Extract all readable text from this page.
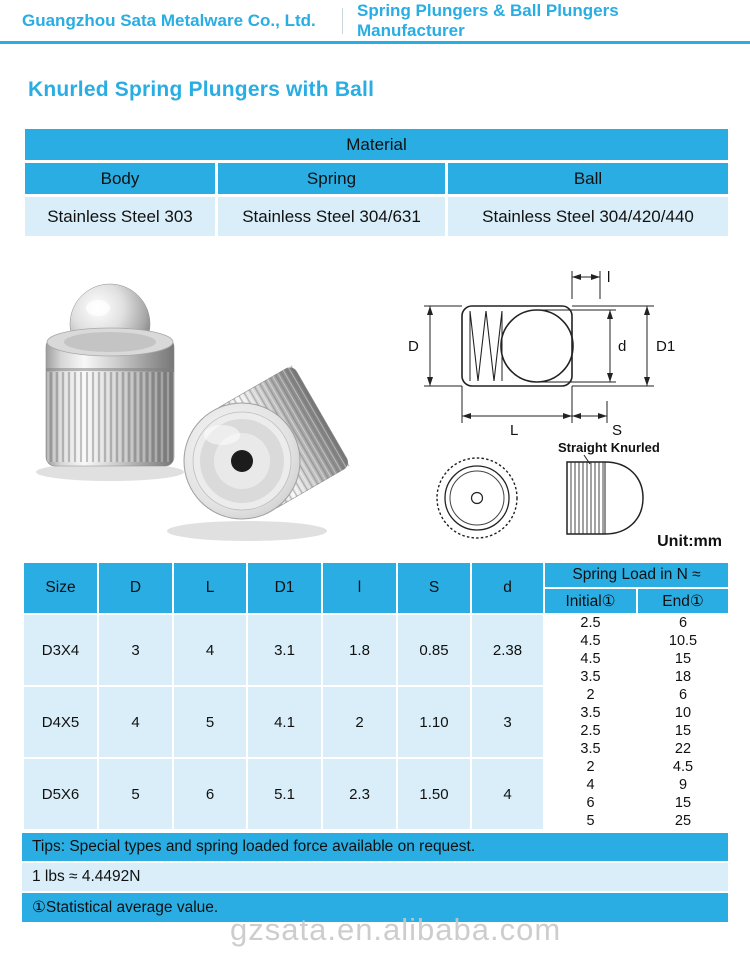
Guangzhou Sata Metalware Co., Ltd.
Spring Plungers & Ball Plungers Manufacturer
Knurled Spring Plungers with Ball
Material		
Body	Spring	Ball
Stainless Steel 303	Stainless Steel 304/631	Stainless Steel 304/420/440
l
D	d D1
L	S
Straight Knurled
Unit:mm
Size	D	L	D1	l	S	d	Spring Load in N ≈	
							Initial①	End①
D3X4	3	4	3.1	1.8	0.85	2.38	2.5	6
							4.5	10.5
							4.5	15
							3.5	18
D4X5	4	5	4.1	2	1.10	3	2	6
							3.5	10
							2.5	15
							3.5	22
D5X6	5	6	5.1	2.3	1.50	4	2	4.5
							4	9
							6	15
							5	25
Tips: Special types and spring loaded force available on request.
1 lbs ≈ 4.4492N
①Statistical average value.
gzsata.en.alibaba.com
